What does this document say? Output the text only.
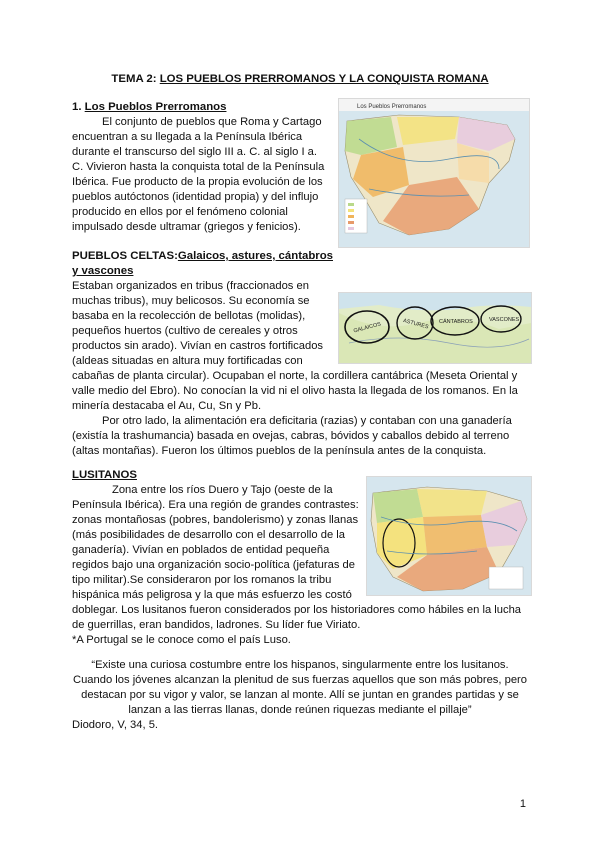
TEMA 2: LOS PUEBLOS PRERROMANOS Y LA CONQUISTA ROMANA
1. Los Pueblos Prerromanos
El conjunto de pueblos que Roma y Cartago
encuentran a su llegada a la Península Ibérica
durante el transcurso del siglo III a. C. al siglo I a.
C. Vivieron hasta la conquista total de la Península
Ibérica. Fue producto de la propia evolución de los
pueblos autóctonos (identidad propia) y del influjo
producido en ellos por el fenómeno colonial
impulsado desde ultramar (griegos y fenicios).
Los Pueblos Prerromanos
PUEBLOS CELTAS:Galaicos, astures, cántabros
y vascones
Estaban organizados en tribus (fraccionados en
muchas tribus), muy belicosos. Su economía se
basaba en la recolección de bellotas (molidas),
pequeños huertos (cultivo de cereales y otros
productos sin arado). Vivían en castros fortificados
(aldeas situadas en altura muy fortificadas con
cabañas de planta circular). Ocupaban el norte, la cordillera cantábrica (Meseta Oriental y
valle medio del Ebro). No conocían la vid ni el olivo hasta la llegada de los romanos. En la
minería destacaba el Au, Cu, Sn y Pb.
Por otro lado, la alimentación era deficitaria (razias) y contaban con una ganadería
(existía la trashumancia) basada en ovejas, cabras, bóvidos y caballos debido al terreno
(altas montañas). Fueron los últimos pueblos de la península antes de la conquista.
GALAICOS	ASTURES CÁNTABROS	VASCONES
LUSITANOS
Zona entre los ríos Duero y Tajo (oeste de la
Península Ibérica). Era una región de grandes contrastes:
zonas montañosas (pobres, bandolerismo) y zonas llanas
(más posibilidades de desarrollo con el desarrollo de la
ganadería). Vivían en poblados de entidad pequeña
regidos bajo una organización socio-política (jefaturas de
tipo militar).Se consideraron por los romanos la tribu
hispánica más peligrosa y la que más esfuerzo les costó
doblegar. Los lusitanos fueron considerados por los historiadores como hábiles en la lucha
de guerrillas, eran bandidos, ladrones. Su líder fue Viriato.
*A Portugal se le conoce como el país Luso.
“Existe una curiosa costumbre entre los hispanos, singularmente entre los lusitanos.
Cuando los jóvenes alcanzan la plenitud de sus fuerzas aquellos que son más pobres, pero
destacan por su vigor y valor, se lanzan al monte. Allí se juntan en grandes partidas y se
lanzan a las tierras llanas, donde reúnen riquezas mediante el pillaje”
Diodoro, V, 34, 5.
1
